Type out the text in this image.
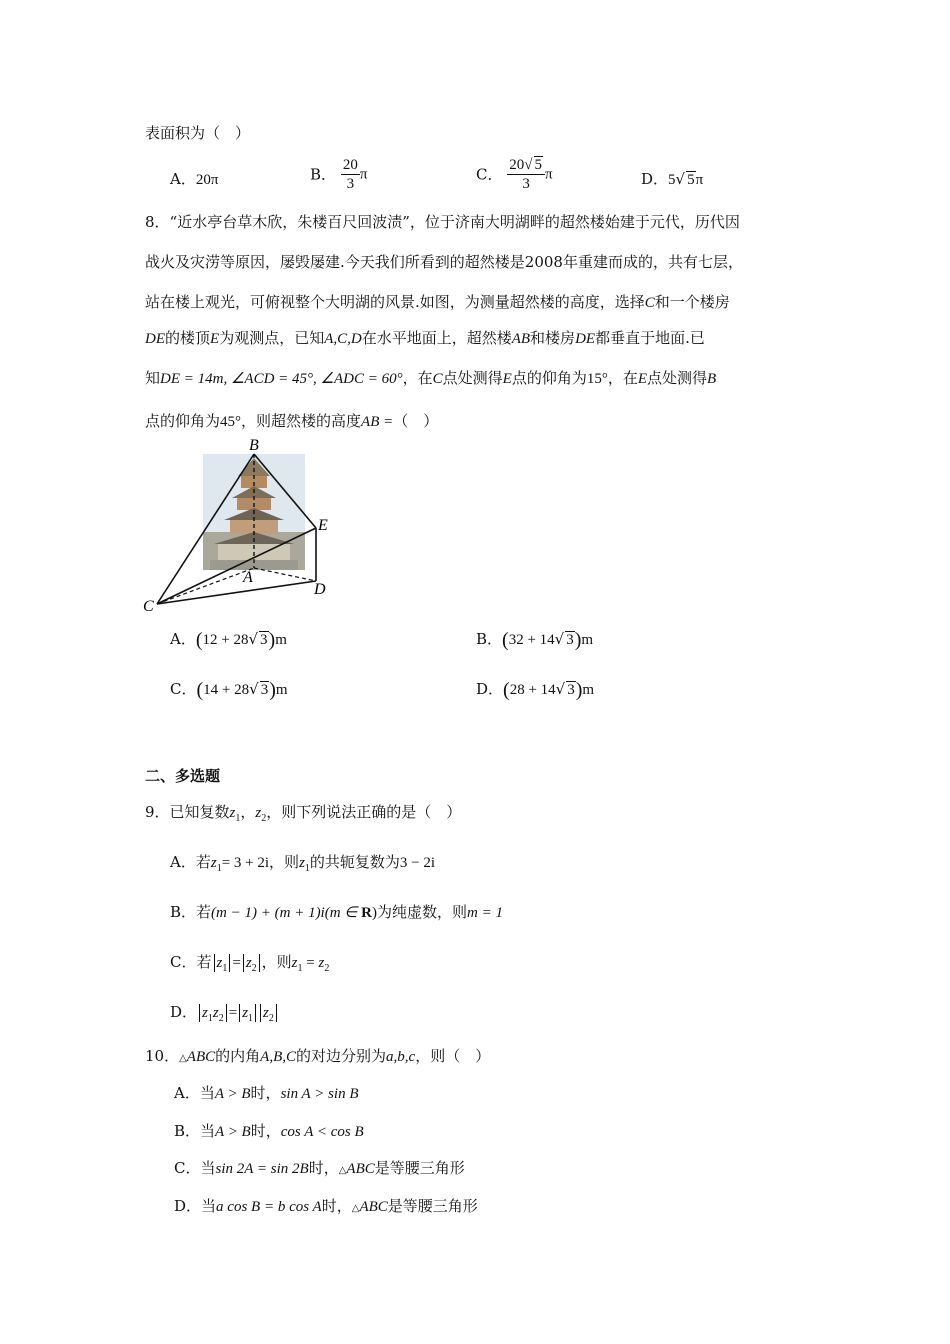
表面积为（　）
A．20π	B． $\frac{20}{3}$ π	C． $\frac{20√ 5}{3}$ π	D．5√ 5π
8．“近水亭台草木欣，朱楼百尺回波渍”，位于济南大明湖畔的超然楼始建于元代，历代因
战火及灾涝等原因，屡毁屡建.今天我们所看到的超然楼是2008年重建而成的，共有七层，
站在楼上观光，可俯视整个大明湖的风景.如图，为测量超然楼的高度，选择C和一个楼房
DE的楼顶E为观测点，已知A,C,D在水平地面上，超然楼AB和楼房DE都垂直于地面.已
知DE = 14m, ∠ACD = 45°, ∠ADC = 60°，在C点处测得E点的仰角为15°，在E点处测得B
点的仰角为45°，则超然楼的高度AB =（　）
B
E
A
D
C
A．(12 + 28√ 3)m	B．(32 + 14√ 3)m
C．(14 + 28√ 3)m	D．(28 + 14√ 3)m
二、多选题
9．已知复数$z_1$，$z_2$，则下列说法正确的是（　）
A．若$z_1= 3 + 2i$，则$z_1$的共轭复数为3 − 2i
B．若(m − 1) + (m + 1)i(m ∈ R)为纯虚数，则m = 1
C．若 $z_1 = z_2$ ，则$z_1 = z_2$
D． $z_1z_2 = z_1$ $z_2$
10．△ABC的内角A,B,C的对边分别为a,b,c，则（　）
A．当A > B时，sin A > sin B
B．当A > B时，cos A < cos B
C．当sin 2A = sin 2B时，△ABC是等腰三角形
D．当a cos B = b cos A时，△ABC是等腰三角形
